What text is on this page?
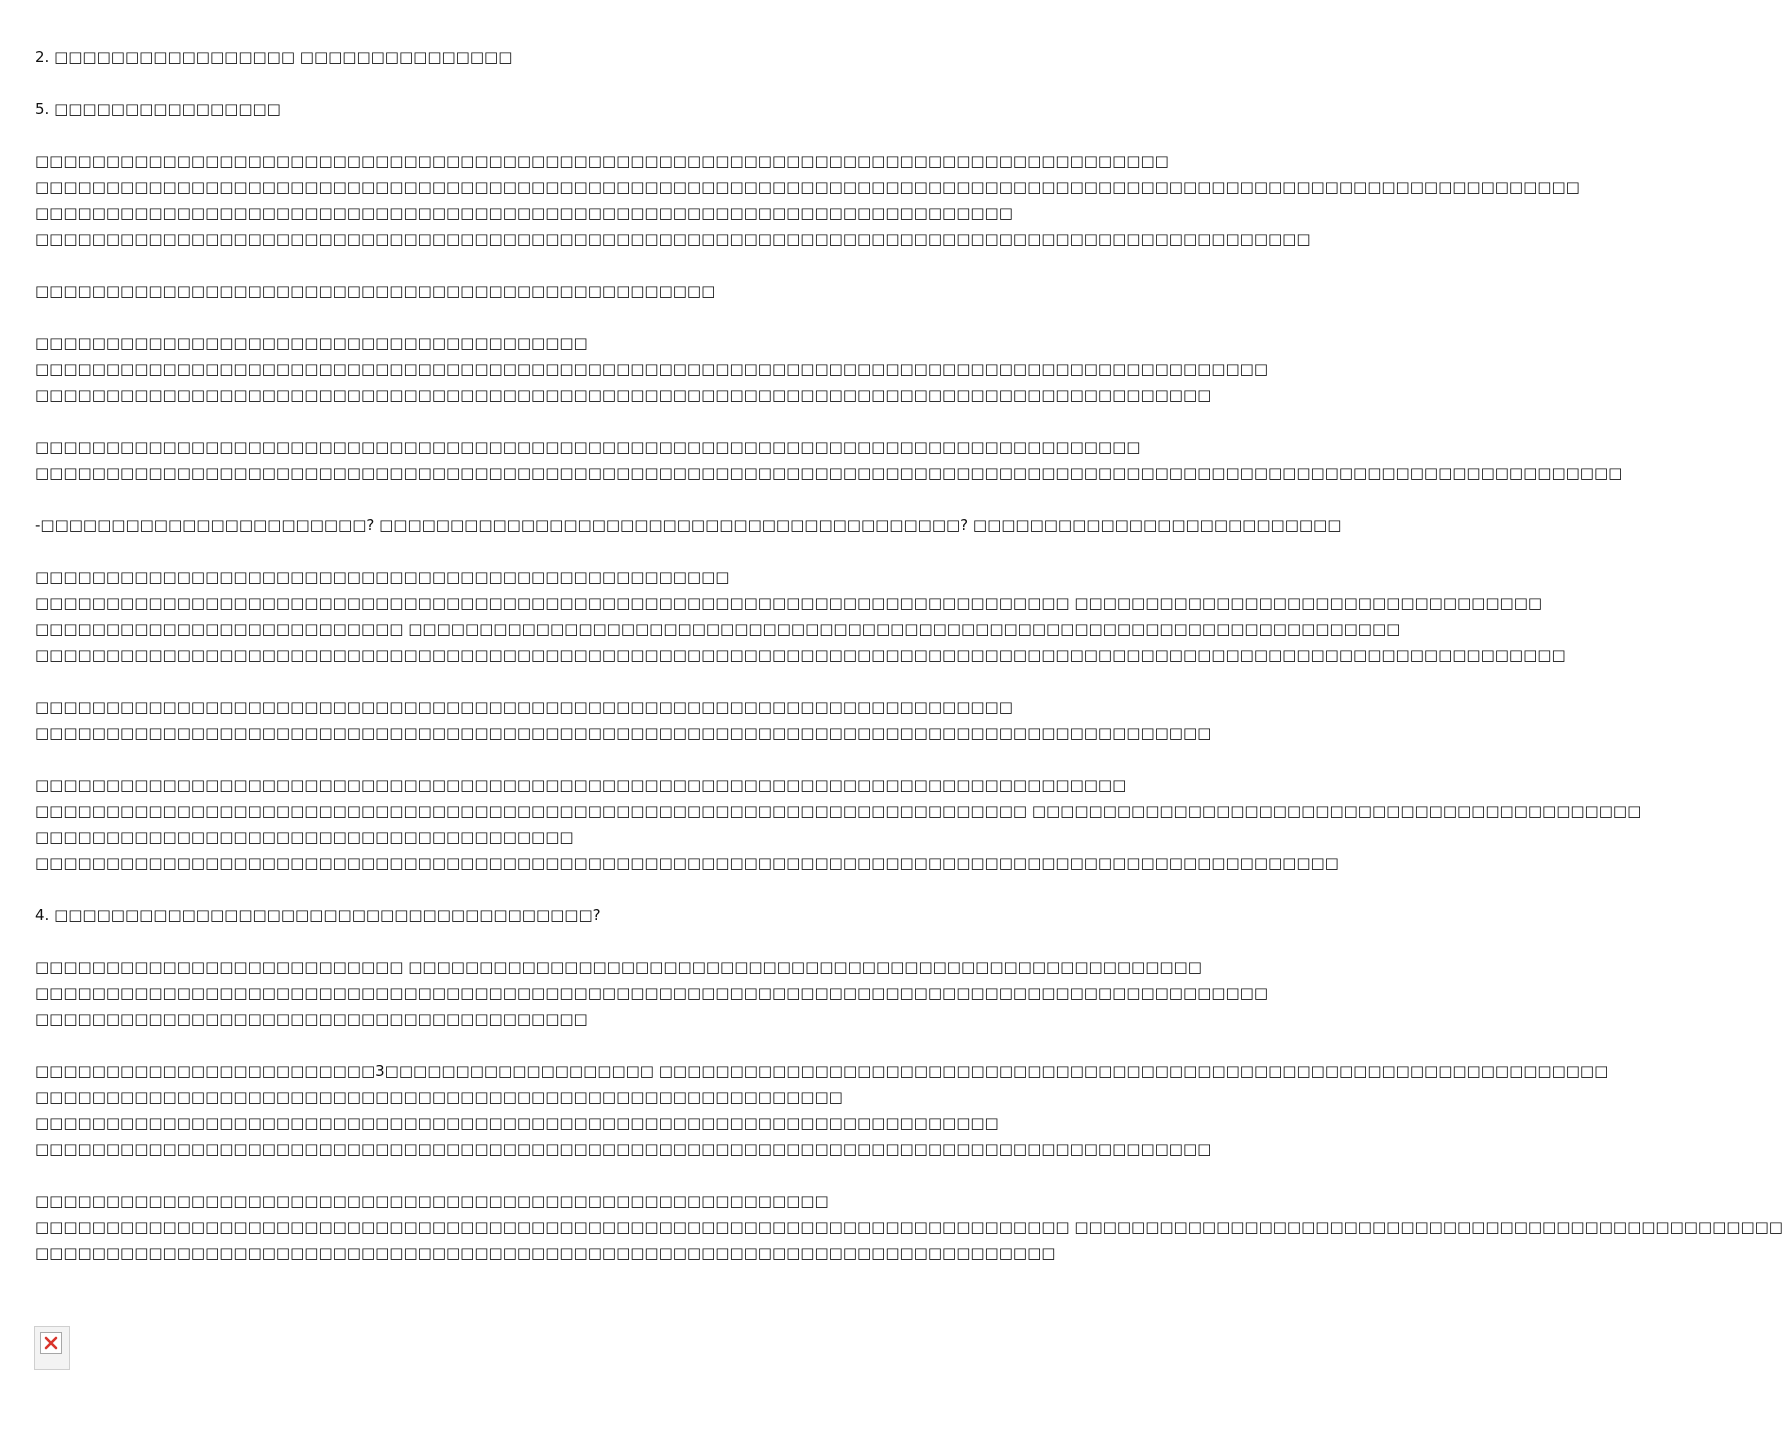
2. □□□□□□□□□□□□□□□□□ □□□□□□□□□□□□□□□
5. □□□□□□□□□□□□□□□□
□□□□□□□□□□□□□□□□□□□□□□□□□□□□□□□□□□□□□□□□□□□□□□□□□□□□□□□□□□□□□□□□□□□□□□□□□□□□□□□□
□□□□□□□□□□□□□□□□□□□□□□□□□□□□□□□□□□□□□□□□□□□□□□□□□□□□□□□□□□□□□□□□□□□□□□□□□□□□□□□□□□□□□□□□□□□□□□□□□□□□□□□□□□□□□
□□□□□□□□□□□□□□□□□□□□□□□□□□□□□□□□□□□□□□□□□□□□□□□□□□□□□□□□□□□□□□□□□□□□□
□□□□□□□□□□□□□□□□□□□□□□□□□□□□□□□□□□□□□□□□□□□□□□□□□□□□□□□□□□□□□□□□□□□□□□□□□□□□□□□□□□□□□□□□□□
□□□□□□□□□□□□□□□□□□□□□□□□□□□□□□□□□□□□□□□□□□□□□□□□
□□□□□□□□□□□□□□□□□□□□□□□□□□□□□□□□□□□□□□□
□□□□□□□□□□□□□□□□□□□□□□□□□□□□□□□□□□□□□□□□□□□□□□□□□□□□□□□□□□□□□□□□□□□□□□□□□□□□□□□□□□□□□□□
□□□□□□□□□□□□□□□□□□□□□□□□□□□□□□□□□□□□□□□□□□□□□□□□□□□□□□□□□□□□□□□□□□□□□□□□□□□□□□□□□□□
□□□□□□□□□□□□□□□□□□□□□□□□□□□□□□□□□□□□□□□□□□□□□□□□□□□□□□□□□□□□□□□□□□□□□□□□□□□□□□
□□□□□□□□□□□□□□□□□□□□□□□□□□□□□□□□□□□□□□□□□□□□□□□□□□□□□□□□□□□□□□□□□□□□□□□□□□□□□□□□□□□□□□□□□□□□□□□□□□□□□□□□□□□□□□□□
-□□□□□□□□□□□□□□□□□□□□□□□? □□□□□□□□□□□□□□□□□□□□□□□□□□□□□□□□□□□□□□□□□? □□□□□□□□□□□□□□□□□□□□□□□□□□
□□□□□□□□□□□□□□□□□□□□□□□□□□□□□□□□□□□□□□□□□□□□□□□□□
□□□□□□□□□□□□□□□□□□□□□□□□□□□□□□□□□□□□□□□□□□□□□□□□□□□□□□□□□□□□□□□□□□□□□□□□□ □□□□□□□□□□□□□□□□□□□□□□□□□□□□□□□□□
□□□□□□□□□□□□□□□□□□□□□□□□□□ □□□□□□□□□□□□□□□□□□□□□□□□□□□□□□□□□□□□□□□□□□□□□□□□□□□□□□□□□□□□□□□□□□□□□□
□□□□□□□□□□□□□□□□□□□□□□□□□□□□□□□□□□□□□□□□□□□□□□□□□□□□□□□□□□□□□□□□□□□□□□□□□□□□□□□□□□□□□□□□□□□□□□□□□□□□□□□□□□□□
□□□□□□□□□□□□□□□□□□□□□□□□□□□□□□□□□□□□□□□□□□□□□□□□□□□□□□□□□□□□□□□□□□□□□
□□□□□□□□□□□□□□□□□□□□□□□□□□□□□□□□□□□□□□□□□□□□□□□□□□□□□□□□□□□□□□□□□□□□□□□□□□□□□□□□□□□
□□□□□□□□□□□□□□□□□□□□□□□□□□□□□□□□□□□□□□□□□□□□□□□□□□□□□□□□□□□□□□□□□□□□□□□□□□□□□
□□□□□□□□□□□□□□□□□□□□□□□□□□□□□□□□□□□□□□□□□□□□□□□□□□□□□□□□□□□□□□□□□□□□□□ □□□□□□□□□□□□□□□□□□□□□□□□□□□□□□□□□□□□□□□□□□□
□□□□□□□□□□□□□□□□□□□□□□□□□□□□□□□□□□□□□□
□□□□□□□□□□□□□□□□□□□□□□□□□□□□□□□□□□□□□□□□□□□□□□□□□□□□□□□□□□□□□□□□□□□□□□□□□□□□□□□□□□□□□□□□□□□□
4. □□□□□□□□□□□□□□□□□□□□□□□□□□□□□□□□□□□□□□?
□□□□□□□□□□□□□□□□□□□□□□□□□□ □□□□□□□□□□□□□□□□□□□□□□□□□□□□□□□□□□□□□□□□□□□□□□□□□□□□□□□□
□□□□□□□□□□□□□□□□□□□□□□□□□□□□□□□□□□□□□□□□□□□□□□□□□□□□□□□□□□□□□□□□□□□□□□□□□□□□□□□□□□□□□□□
□□□□□□□□□□□□□□□□□□□□□□□□□□□□□□□□□□□□□□□
□□□□□□□□□□□□□□□□□□□□□□□□3□□□□□□□□□□□□□□□□□□□ □□□□□□□□□□□□□□□□□□□□□□□□□□□□□□□□□□□□□□□□□□□□□□□□□□□□□□□□□□□□□□□□□□□
□□□□□□□□□□□□□□□□□□□□□□□□□□□□□□□□□□□□□□□□□□□□□□□□□□□□□□□□□
□□□□□□□□□□□□□□□□□□□□□□□□□□□□□□□□□□□□□□□□□□□□□□□□□□□□□□□□□□□□□□□□□□□□
□□□□□□□□□□□□□□□□□□□□□□□□□□□□□□□□□□□□□□□□□□□□□□□□□□□□□□□□□□□□□□□□□□□□□□□□□□□□□□□□□□□
□□□□□□□□□□□□□□□□□□□□□□□□□□□□□□□□□□□□□□□□□□□□□□□□□□□□□□□□
□□□□□□□□□□□□□□□□□□□□□□□□□□□□□□□□□□□□□□□□□□□□□□□□□□□□□□□□□□□□□□□□□□□□□□□□□ □□□□□□□□□□□□□□□□□□□□□□□□□□□□□□□□□□□□□□□□□□□□□□□□□□
□□□□□□□□□□□□□□□□□□□□□□□□□□□□□□□□□□□□□□□□□□□□□□□□□□□□□□□□□□□□□□□□□□□□□□□□
